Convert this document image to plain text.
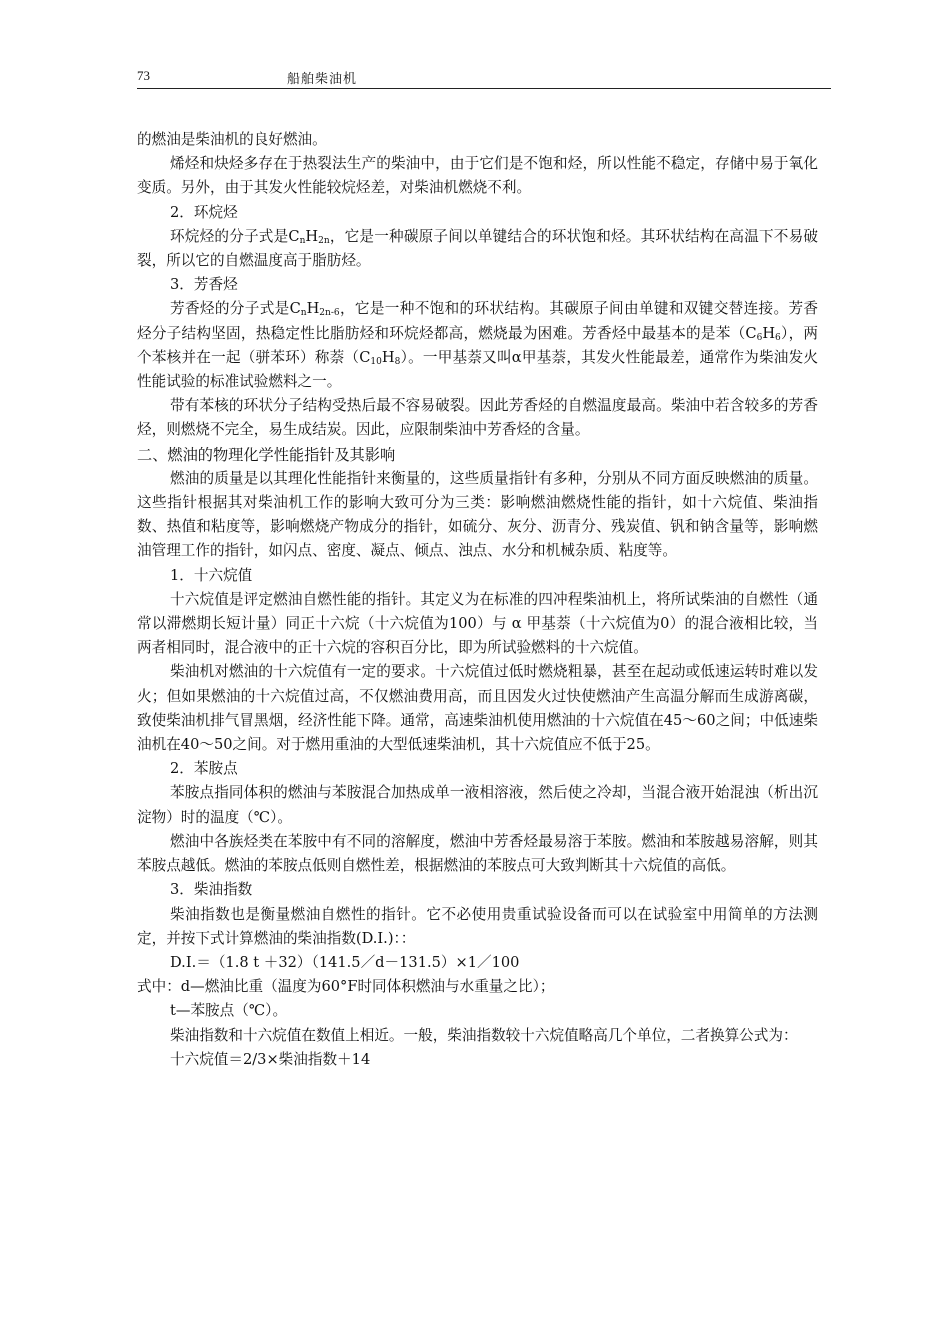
73	船舶柴油机

的燃油是柴油机的良好燃油。

烯烃和炔烃多存在于热裂法生产的柴油中，由于它们是不饱和烃，所以性能不稳定，存储中易于氧化变质。另外，由于其发火性能较烷烃差，对柴油机燃烧不利。

2．环烷烃

环烷烃的分子式是$C_nH_{2n}$，它是一种碳原子间以单键结合的环状饱和烃。其环状结构在高温下不易破裂，所以它的自燃温度高于脂肪烃。

3．芳香烃

芳香烃的分子式是$C_nH_{2n-6}$，它是一种不饱和的环状结构。其碳原子间由单键和双键交替连接。芳香烃分子结构坚固，热稳定性比脂肪烃和环烷烃都高，燃烧最为困难。芳香烃中最基本的是苯$(C_6H_6)$，两个苯核并在一起（骈苯环）称萘$(C_{10}H_8)$。一甲基萘又叫α甲基萘，其发火性能最差，通常作为柴油发火性能试验的标准试验燃料之一。

带有苯核的环状分子结构受热后最不容易破裂。因此芳香烃的自燃温度最高。柴油中若含较多的芳香烃，则燃烧不完全，易生成结炭。因此，应限制柴油中芳香烃的含量。

二、燃油的物理化学性能指针及其影响

燃油的质量是以其理化性能指针来衡量的，这些质量指针有多种，分别从不同方面反映燃油的质量。这些指针根据其对柴油机工作的影响大致可分为三类：影响燃油燃烧性能的指针，如十六烷值、柴油指数、热值和粘度等，影响燃烧产物成分的指针，如硫分、灰分、沥青分、残炭值、钒和钠含量等，影响燃油管理工作的指针，如闪点、密度、凝点、倾点、浊点、水分和机械杂质、粘度等。

1．十六烷值

十六烷值是评定燃油自燃性能的指针。其定义为在标准的四冲程柴油机上，将所试柴油的自燃性（通常以滞燃期长短计量）同正十六烷（十六烷值为100）与 α 甲基萘（十六烷值为0）的混合液相比较，当两者相同时，混合液中的正十六烷的容积百分比，即为所试验燃料的十六烷值。

柴油机对燃油的十六烷值有一定的要求。十六烷值过低时燃烧粗暴，甚至在起动或低速运转时难以发火；但如果燃油的十六烷值过高，不仅燃油费用高，而且因发火过快使燃油产生高温分解而生成游离碳，致使柴油机排气冒黑烟，经济性能下降。通常，高速柴油机使用燃油的十六烷值在45～60之间；中低速柴油机在40～50之间。对于燃用重油的大型低速柴油机，其十六烷值应不低于25。

2．苯胺点

苯胺点指同体积的燃油与苯胺混合加热成单一液相溶液，然后使之冷却，当混合液开始混浊（析出沉淀物）时的温度（℃）。

燃油中各族烃类在苯胺中有不同的溶解度，燃油中芳香烃最易溶于苯胺。燃油和苯胺越易溶解，则其苯胺点越低。燃油的苯胺点低则自燃性差，根据燃油的苯胺点可大致判断其十六烷值的高低。

3．柴油指数

柴油指数也是衡量燃油自燃性的指针。它不必使用贵重试验设备而可以在试验室中用简单的方法测定，并按下式计算燃油的柴油指数(D.I.)：：

D.I.＝（1.8 t ＋32）（141.5／d－131.5）×1／100

式中：d—燃油比重（温度为60°F时同体积燃油与水重量之比）；

t—苯胺点（℃）。

柴油指数和十六烷值在数值上相近。一般，柴油指数较十六烷值略高几个单位，二者换算公式为：

十六烷值＝2/3×柴油指数＋14
